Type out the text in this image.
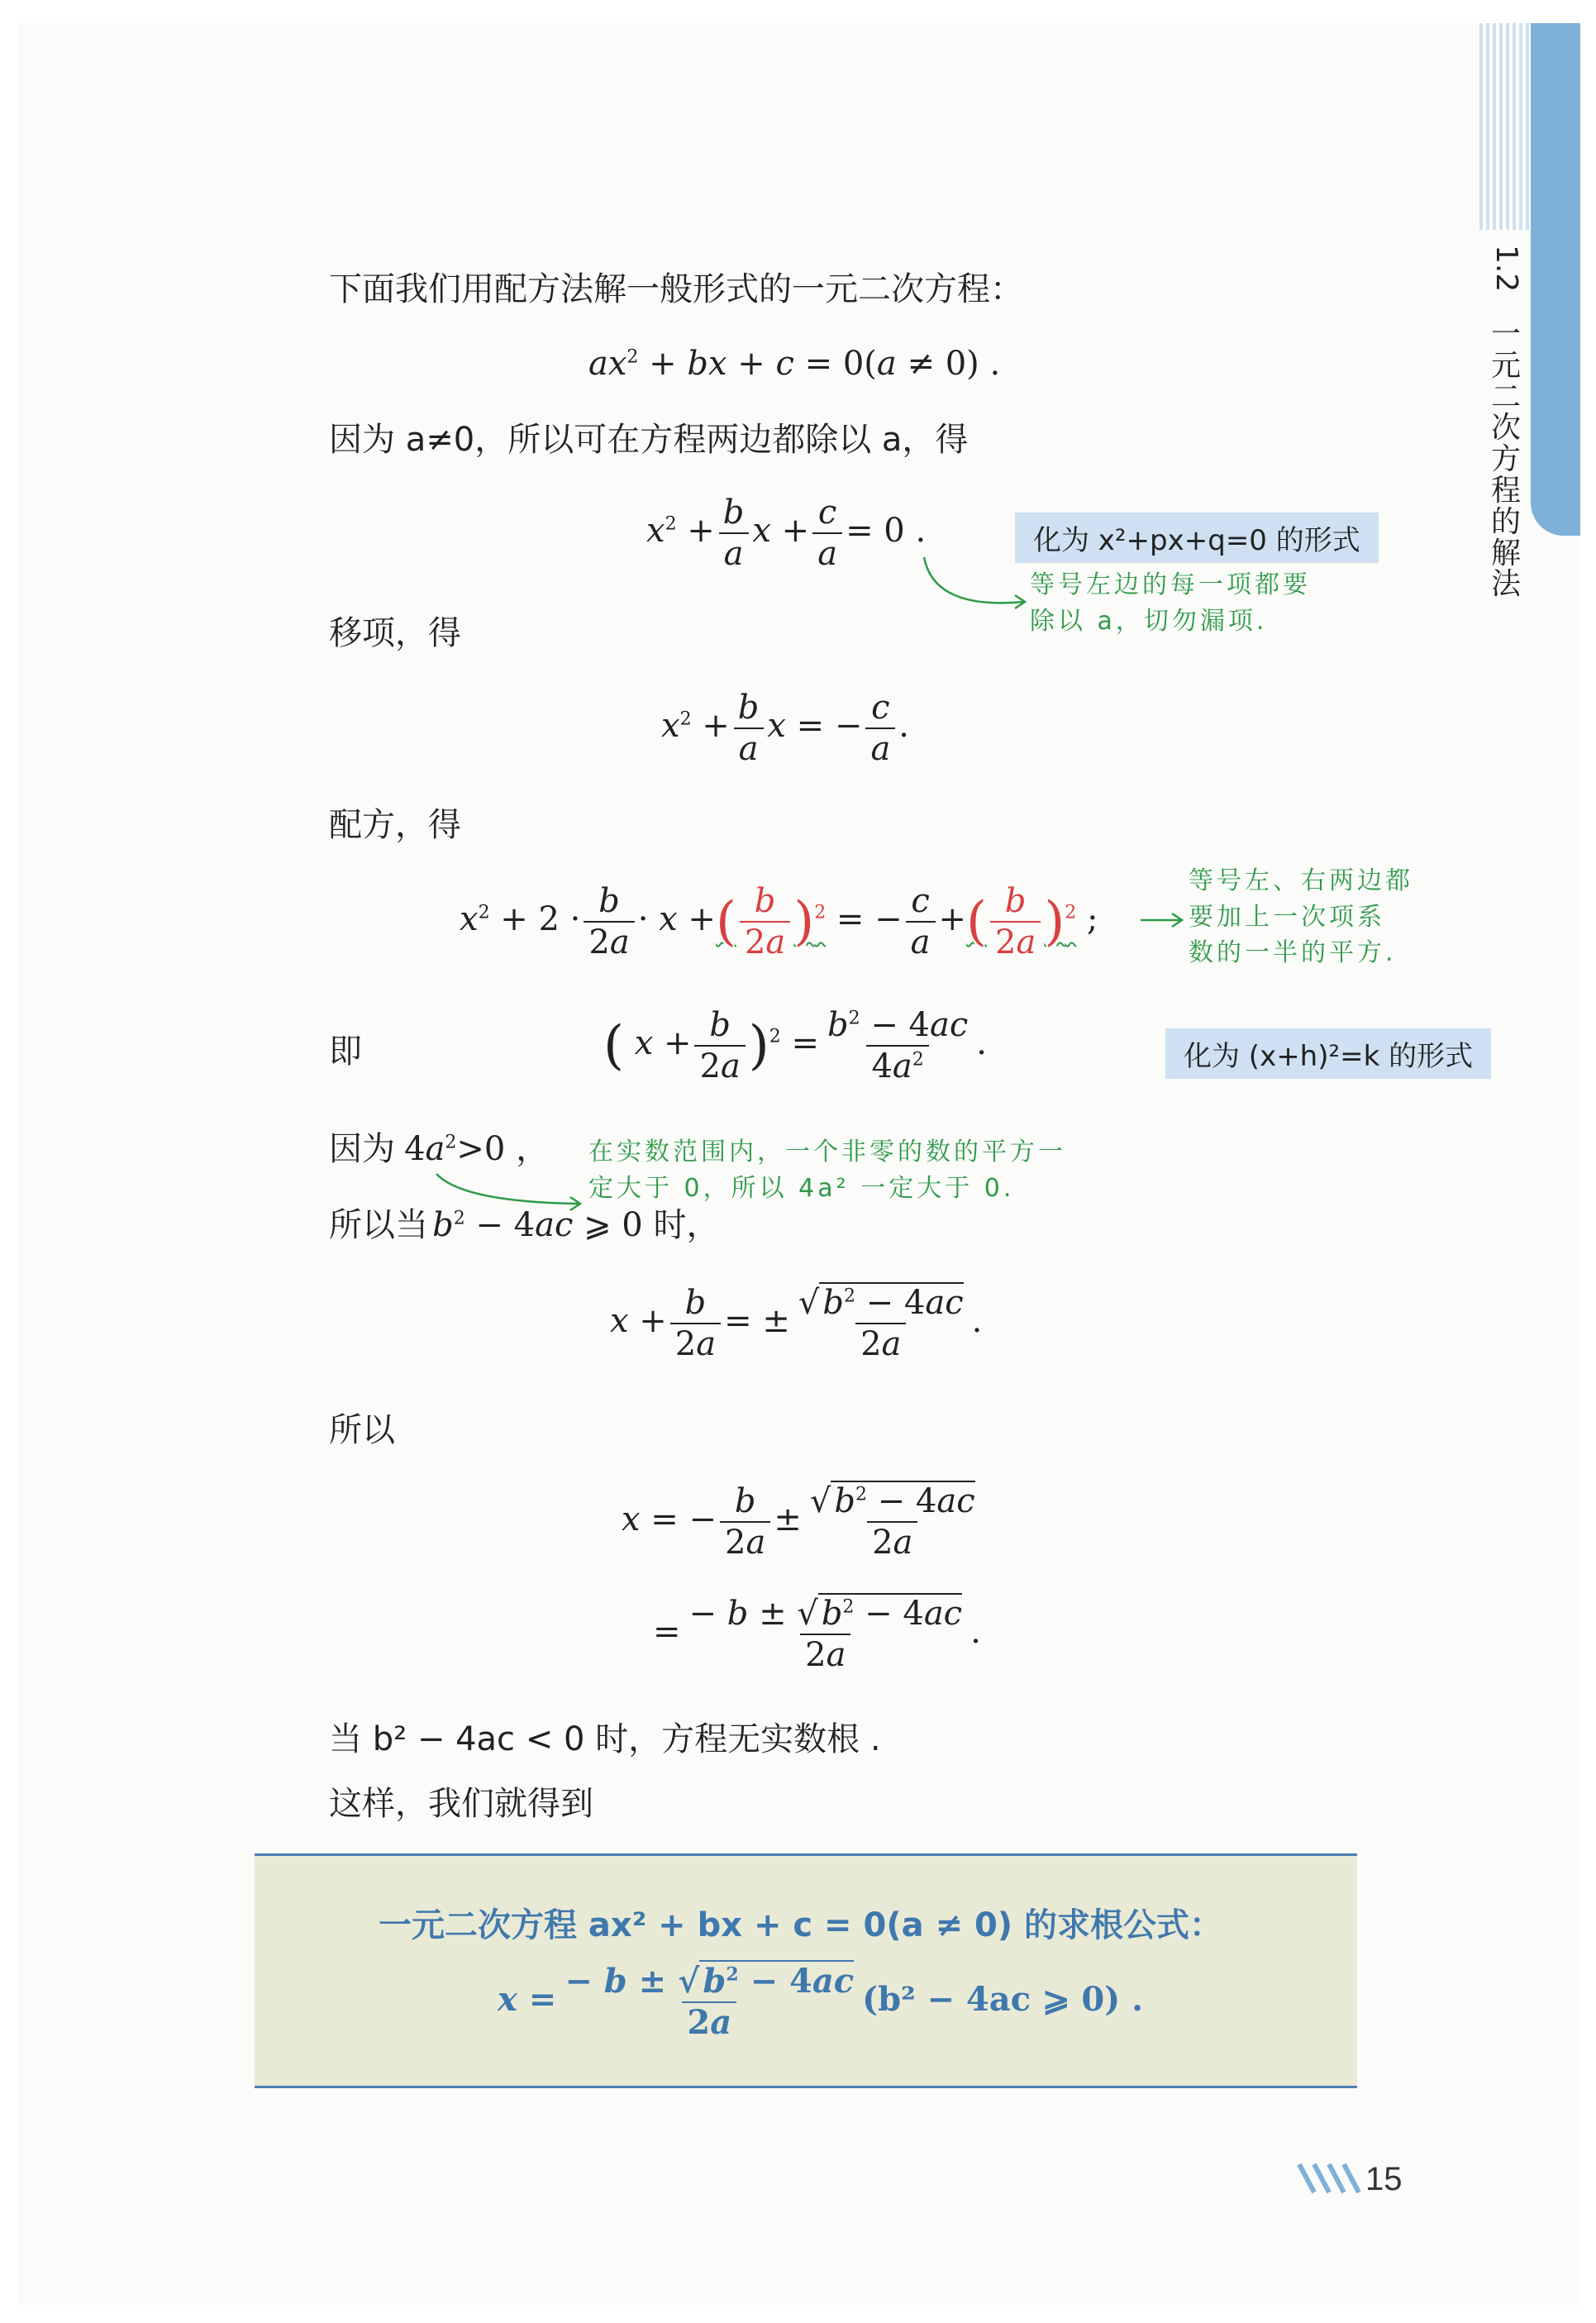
1.2
一元二次方程的解法
下面我们用配方法解一般形式的一元二次方程：
$ax^2$ + bx + c = 0(a ≠ 0) .
因为 a≠0，所以可在方程两边都除以 a，得
$x^2 + \frac{b}{a}$ $x + \frac{c}{a} = 0$ .	化为 x²+px+q=0 的形式
等号左边的每一项都要
除以 a，切勿漏项.
移项，得
$x^2 + \frac{b}{a}$ x = − $\frac{c}{a}$ .
配方，得
$x^2 + 2 \cdot \frac{b}{2a} \cdot x$ +( $\frac{b}{2a} )^2$ = − $\frac{c}{a}$ +( $\frac{b}{2a} )^2$ ;
等号左、右两边都
要加上一次项系
数的一半的平方.
即	( $x + \frac{b}{2a} )^2 = \frac{b^2 - 4ac}{4a^2}$ .	化为 (x+h)²=k 的形式
因为 $4a^2>0$ ， 在实数范围内，一个非零的数的平方一
定大于 0，所以 4a² 一定大于 0.
所以当 $b^2 - 4ac$ ⩾ 0 时，
$x + \frac{b}{2a}$ = ± $\frac{√ b^2 - 4ac}{2a}$ .
所以
x = − $\frac{b}{2a} \pm \frac{√ b^2 - 4ac}{2a}$
= $\frac{- b \pm √ b^2 - 4ac}{2a}$ .
当 b² − 4ac < 0 时，方程无实数根 .
这样，我们就得到
一元二次方程 ax² + bx + c = 0(a ≠ 0) 的求根公式：
$x = \frac{- b \pm √ b^2 - 4ac}{2a} (b^2 - 4ac$ ⩾ 0) .
15
